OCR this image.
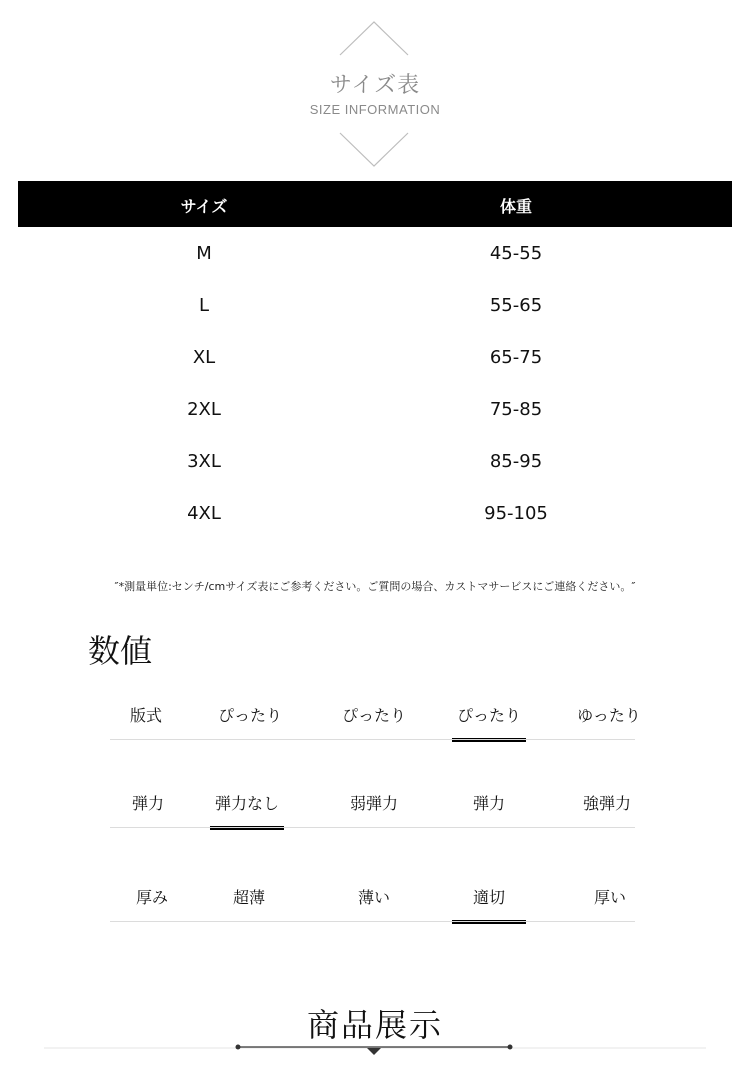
サイズ表
SIZE INFORMATION
サイズ	体重
M	45-55
L	55-65
XL	65-75
2XL	75-85
3XL	85-95
4XL	95-105
″*測量単位:センチ/cmサイズ表にご参考ください。ご質問の場合、カストマサービスにご連絡ください。″
数値
版式	ぴったり	ぴったり	ぴったり	ゆったり
弾力	弾力なし	弱弾力	弾力	強弾力
厚み	超薄	薄い	適切	厚い
商品展示
